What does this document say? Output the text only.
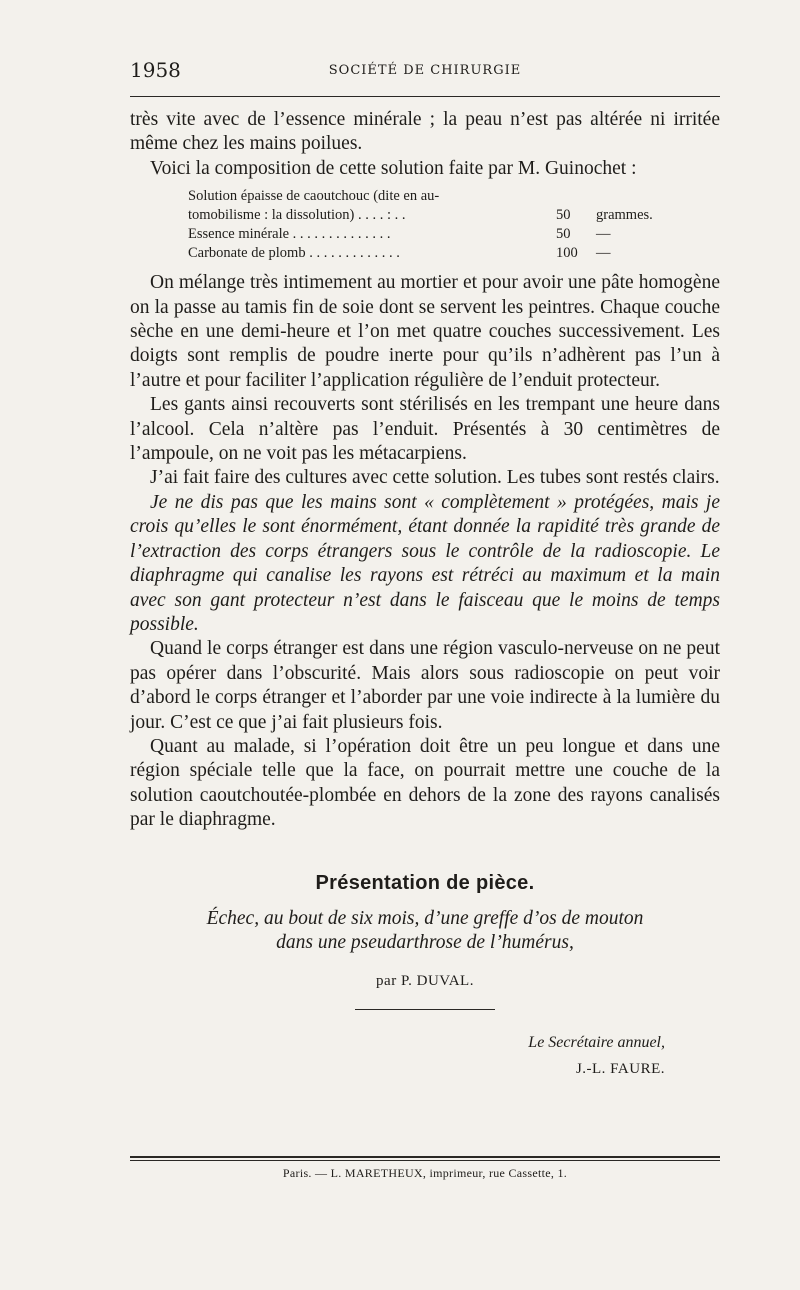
1958	SOCIÉTÉ DE CHIRURGIE

très vite avec de l’essence minérale ; la peau n’est pas altérée ni irritée même chez les mains poilues.

Voici la composition de cette solution faite par M. Guinochet :

Solution épaisse de caoutchouc (dite en au-
tomobilisme : la dissolution) . . . . : . .	50	grammes.
Essence minérale . . . . . . . . . . . . . .	50	—
Carbonate de plomb . . . . . . . . . . . . .	100	—

On mélange très intimement au mortier et pour avoir une pâte homogène on la passe au tamis fin de soie dont se servent les peintres. Chaque couche sèche en une demi-heure et l’on met quatre couches successivement. Les doigts sont remplis de poudre inerte pour qu’ils n’adhèrent pas l’un à l’autre et pour faciliter l’application régulière de l’enduit protecteur.

Les gants ainsi recouverts sont stérilisés en les trempant une heure dans l’alcool. Cela n’altère pas l’enduit. Présentés à 30 centimètres de l’ampoule, on ne voit pas les métacarpiens.

J’ai fait faire des cultures avec cette solution. Les tubes sont restés clairs.

Je ne dis pas que les mains sont « complètement » protégées, mais je crois qu’elles le sont énormément, étant donnée la rapidité très grande de l’extraction des corps étrangers sous le contrôle de la radioscopie. Le diaphragme qui canalise les rayons est rétréci au maximum et la main avec son gant protecteur n’est dans le faisceau que le moins de temps possible.

Quand le corps étranger est dans une région vasculo-nerveuse on ne peut pas opérer dans l’obscurité. Mais alors sous radioscopie on peut voir d’abord le corps étranger et l’aborder par une voie indirecte à la lumière du jour. C’est ce que j’ai fait plusieurs fois.

Quant au malade, si l’opération doit être un peu longue et dans une région spéciale telle que la face, on pourrait mettre une couche de la solution caoutchoutée-plombée en dehors de la zone des rayons canalisés par le diaphragme.

Présentation de pièce.
Échec, au bout de six mois, d’une greffe d’os de mouton
dans une pseudarthrose de l’humérus,
par P. DUVAL.
Le Secrétaire annuel,
J.-L. FAURE.
Paris. — L. MARETHEUX, imprimeur, rue Cassette, 1.
